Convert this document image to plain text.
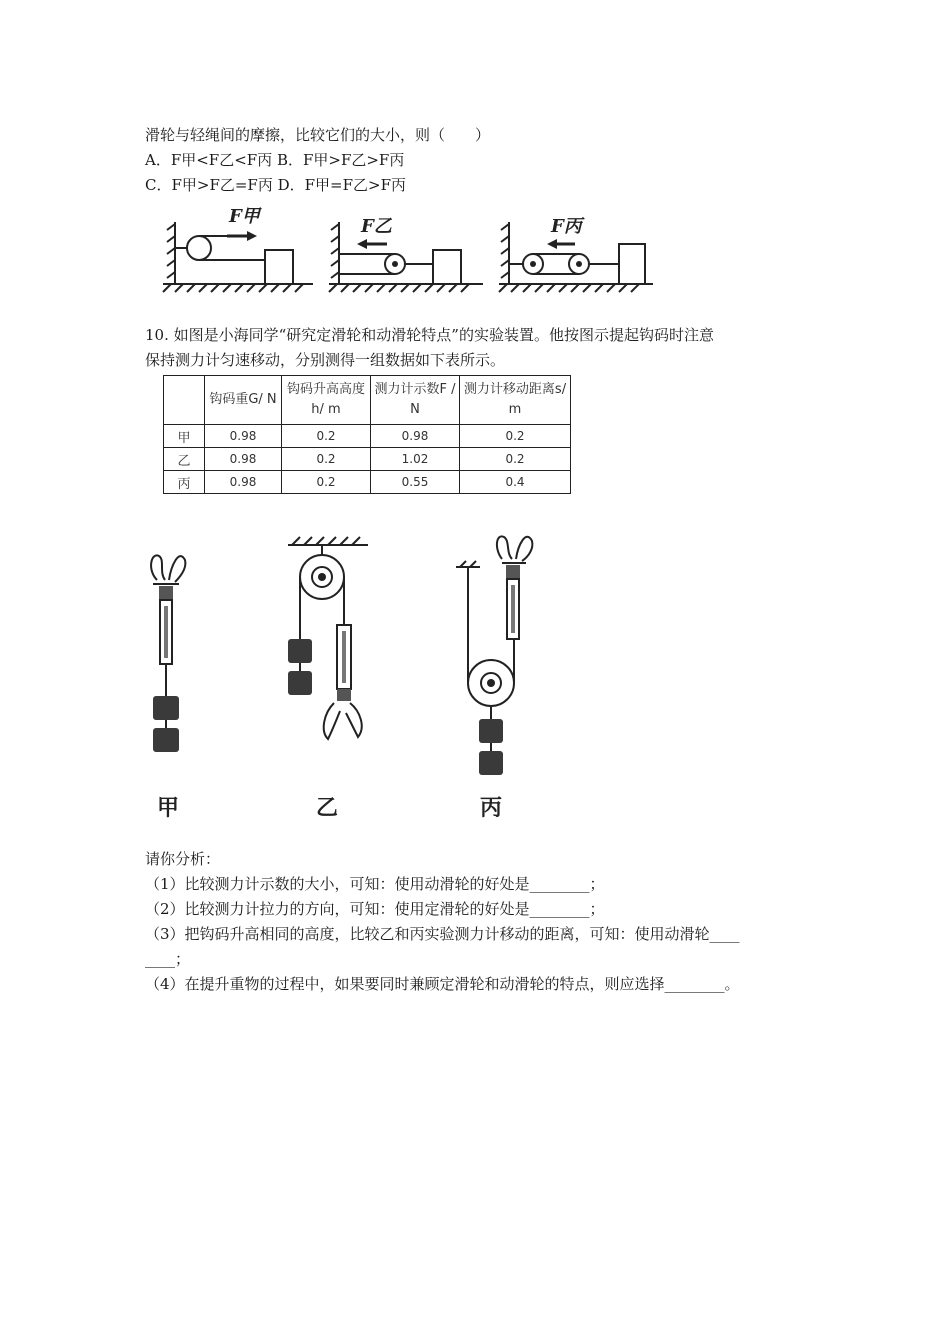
滑轮与轻绳间的摩擦，比较它们的大小，则（　　）
A．F甲<F乙<F丙 B．F甲>F乙>F丙
C．F甲>F乙=F丙 D．F甲=F乙>F丙
F甲	F乙	F丙
10. 如图是小海同学“研究定滑轮和动滑轮特点”的实验装置。他按图示提起钩码时注意
保持测力计匀速移动，分别测得一组数据如下表所示。
	钩码重G/ N	钩码升高高度h/ m	测力计示数F / N	测力计移动距离s/ m
甲	0.98	0.2	0.98	0.2
乙	0.98	0.2	1.02	0.2
丙	0.98	0.2	0.55	0.4
甲	乙	丙
请你分析：
（1）比较测力计示数的大小，可知：使用动滑轮的好处是________；
（2）比较测力计拉力的方向，可知：使用定滑轮的好处是________；
（3）把钩码升高相同的高度，比较乙和丙实验测力计移动的距离，可知：使用动滑轮____
____；
（4）在提升重物的过程中，如果要同时兼顾定滑轮和动滑轮的特点，则应选择________。
